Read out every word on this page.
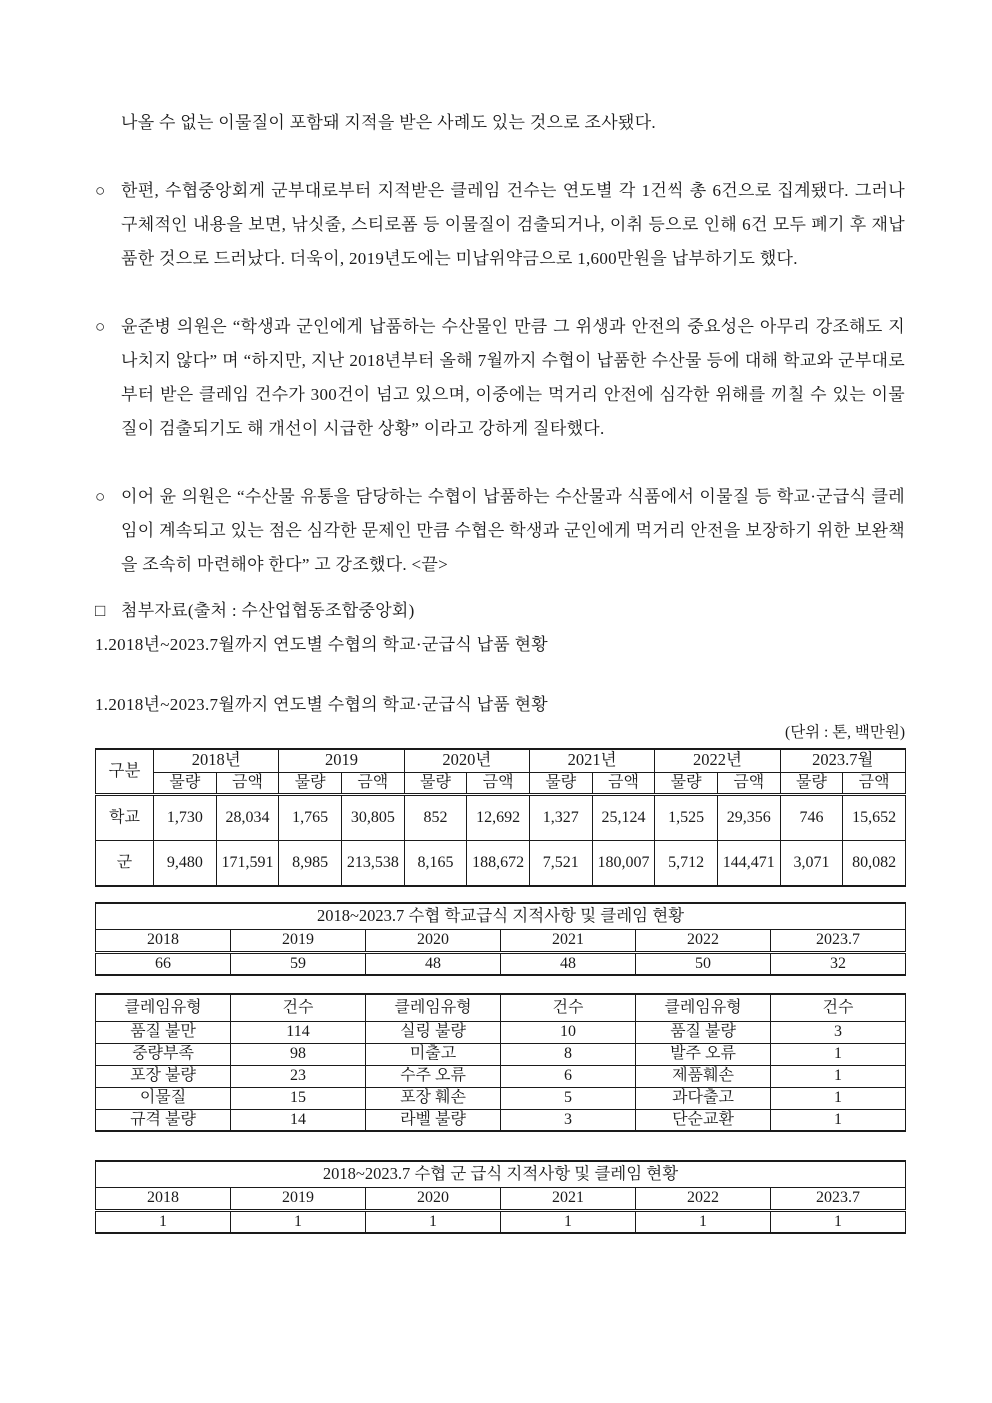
나올 수 없는 이물질이 포함돼 지적을 받은 사례도 있는 것으로 조사됐다.

○ 한편, 수협중앙회게 군부대로부터 지적받은 클레임 건수는 연도별 각 1건씩 총 6건으로 집계됐다. 그러나 구체적인 내용을 보면, 낚싯줄, 스티로폼 등 이물질이 검출되거나, 이취 등으로 인해 6건 모두 폐기 후 재납품한 것으로 드러났다. 더욱이, 2019년도에는 미납위약금으로 1,600만원을 납부하기도 했다.

○ 윤준병 의원은 “학생과 군인에게 납품하는 수산물인 만큼 그 위생과 안전의 중요성은 아무리 강조해도 지나치지 않다” 며 “하지만, 지난 2018년부터 올해 7월까지 수협이 납품한 수산물 등에 대해 학교와 군부대로부터 받은 클레임 건수가 300건이 넘고 있으며, 이중에는 먹거리 안전에 심각한 위해를 끼칠 수 있는 이물질이 검출되기도 해 개선이 시급한 상황” 이라고 강하게 질타했다.

○ 이어 윤 의원은 “수산물 유통을 담당하는 수협이 납품하는 수산물과 식품에서 이물질 등 학교·군급식 클레임이 계속되고 있는 점은 심각한 문제인 만큼 수협은 학생과 군인에게 먹거리 안전을 보장하기 위한 보완책을 조속히 마련해야 한다” 고 강조했다. <끝>

□ 첨부자료(출처 : 수산업협동조합중앙회)

1.2018년~2023.7월까지 연도별 수협의 학교·군급식 납품 현황

1.2018년~2023.7월까지 연도별 수협의 학교·군급식 납품 현황

(단위 : 톤, 백만원)

구분	2018년		2019		2020년		2021년		2022년		2023.7월	
	물량	금액	물량	금액	물량	금액	물량	금액	물량	금액	물량	금액
학교	1,730	28,034	1,765	30,805	852	12,692	1,327	25,124	1,525	29,356	746	15,652
군	9,480	171,591	8,985	213,538	8,165	188,672	7,521	180,007	5,712	144,471	3,071	80,082
2018~2023.7 수협 학교급식 지적사항 및 클레임 현황					
2018	2019	2020	2021	2022	2023.7
66	59	48	48	50	32
클레임유형	건수	클레임유형	건수	클레임유형	건수
품질 불만	114	실링 불량	10	품질 불량	3
중량부족	98	미출고	8	발주 오류	1
포장 불량	23	수주 오류	6	제품훼손	1
이물질	15	포장 훼손	5	과다출고	1
규격 불량	14	라벨 불량	3	단순교환	1
2018~2023.7 수협 군 급식 지적사항 및 클레임 현황					
2018	2019	2020	2021	2022	2023.7
1	1	1	1	1	1
